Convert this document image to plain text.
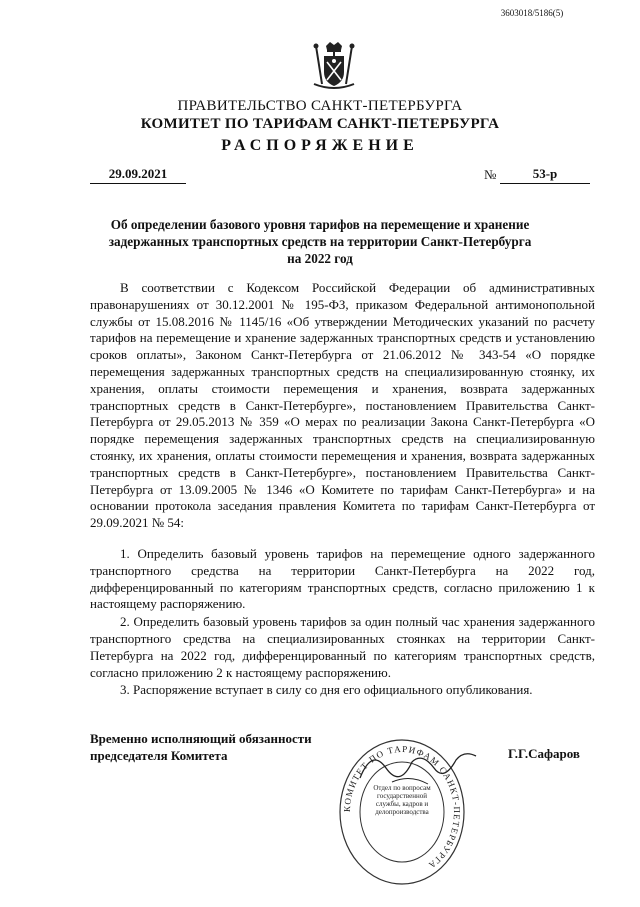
3603018/5186(5)
ПРАВИТЕЛЬСТВО САНКТ-ПЕТЕРБУРГА
КОМИТЕТ ПО ТАРИФАМ САНКТ-ПЕТЕРБУРГА
РАСПОРЯЖЕНИЕ
29.09.2021	№	53-р
Об определении базового уровня тарифов на перемещение и хранение задержанных транспортных средств на территории Санкт-Петербурга на 2022 год
В соответствии с Кодексом Российской Федерации об административных правонарушениях от 30.12.2001 № 195-ФЗ, приказом Федеральной антимонопольной службы от 15.08.2016 № 1145/16 «Об утверждении Методических указаний по расчету тарифов на перемещение и хранение задержанных транспортных средств и установлению сроков оплаты», Законом Санкт-Петербурга от 21.06.2012 № 343-54 «О порядке перемещения задержанных транспортных средств на специализированную стоянку, их хранения, оплаты стоимости перемещения и хранения, возврата задержанных транспортных средств в Санкт-Петербурге», постановлением Правительства Санкт-Петербурга от 29.05.2013 № 359 «О мерах по реализации Закона Санкт-Петербурга «О порядке перемещения задержанных транспортных средств на специализированную стоянку, их хранения, оплаты стоимости перемещения и хранения, возврата задержанных транспортных средств в Санкт-Петербурге», постановлением Правительства Санкт-Петербурга от 13.09.2005 № 1346 «О Комитете по тарифам Санкт-Петербурга» и на основании протокола заседания правления Комитета по тарифам Санкт-Петербурга от 29.09.2021 № 54:

1. Определить базовый уровень тарифов на перемещение одного задержанного транспортного средства на территории Санкт-Петербурга на 2022 год, дифференцированный по категориям транспортных средств, согласно приложению 1 к настоящему распоряжению.

2. Определить базовый уровень тарифов за один полный час хранения задержанного транспортного средства на специализированных стоянках на территории Санкт-Петербурга на 2022 год, дифференцированный по категориям транспортных средств, согласно приложению 2 к настоящему распоряжению.

3. Распоряжение вступает в силу со дня его официального опубликования.

Временно исполняющий обязанности председателя Комитета
КОМИТЕТ ПО ТАРИФАМ САНКТ-ПЕТЕРБУРГА
Отдел по вопросам государственной службы, кадров и делопроизводства
Г.Г.Сафаров
